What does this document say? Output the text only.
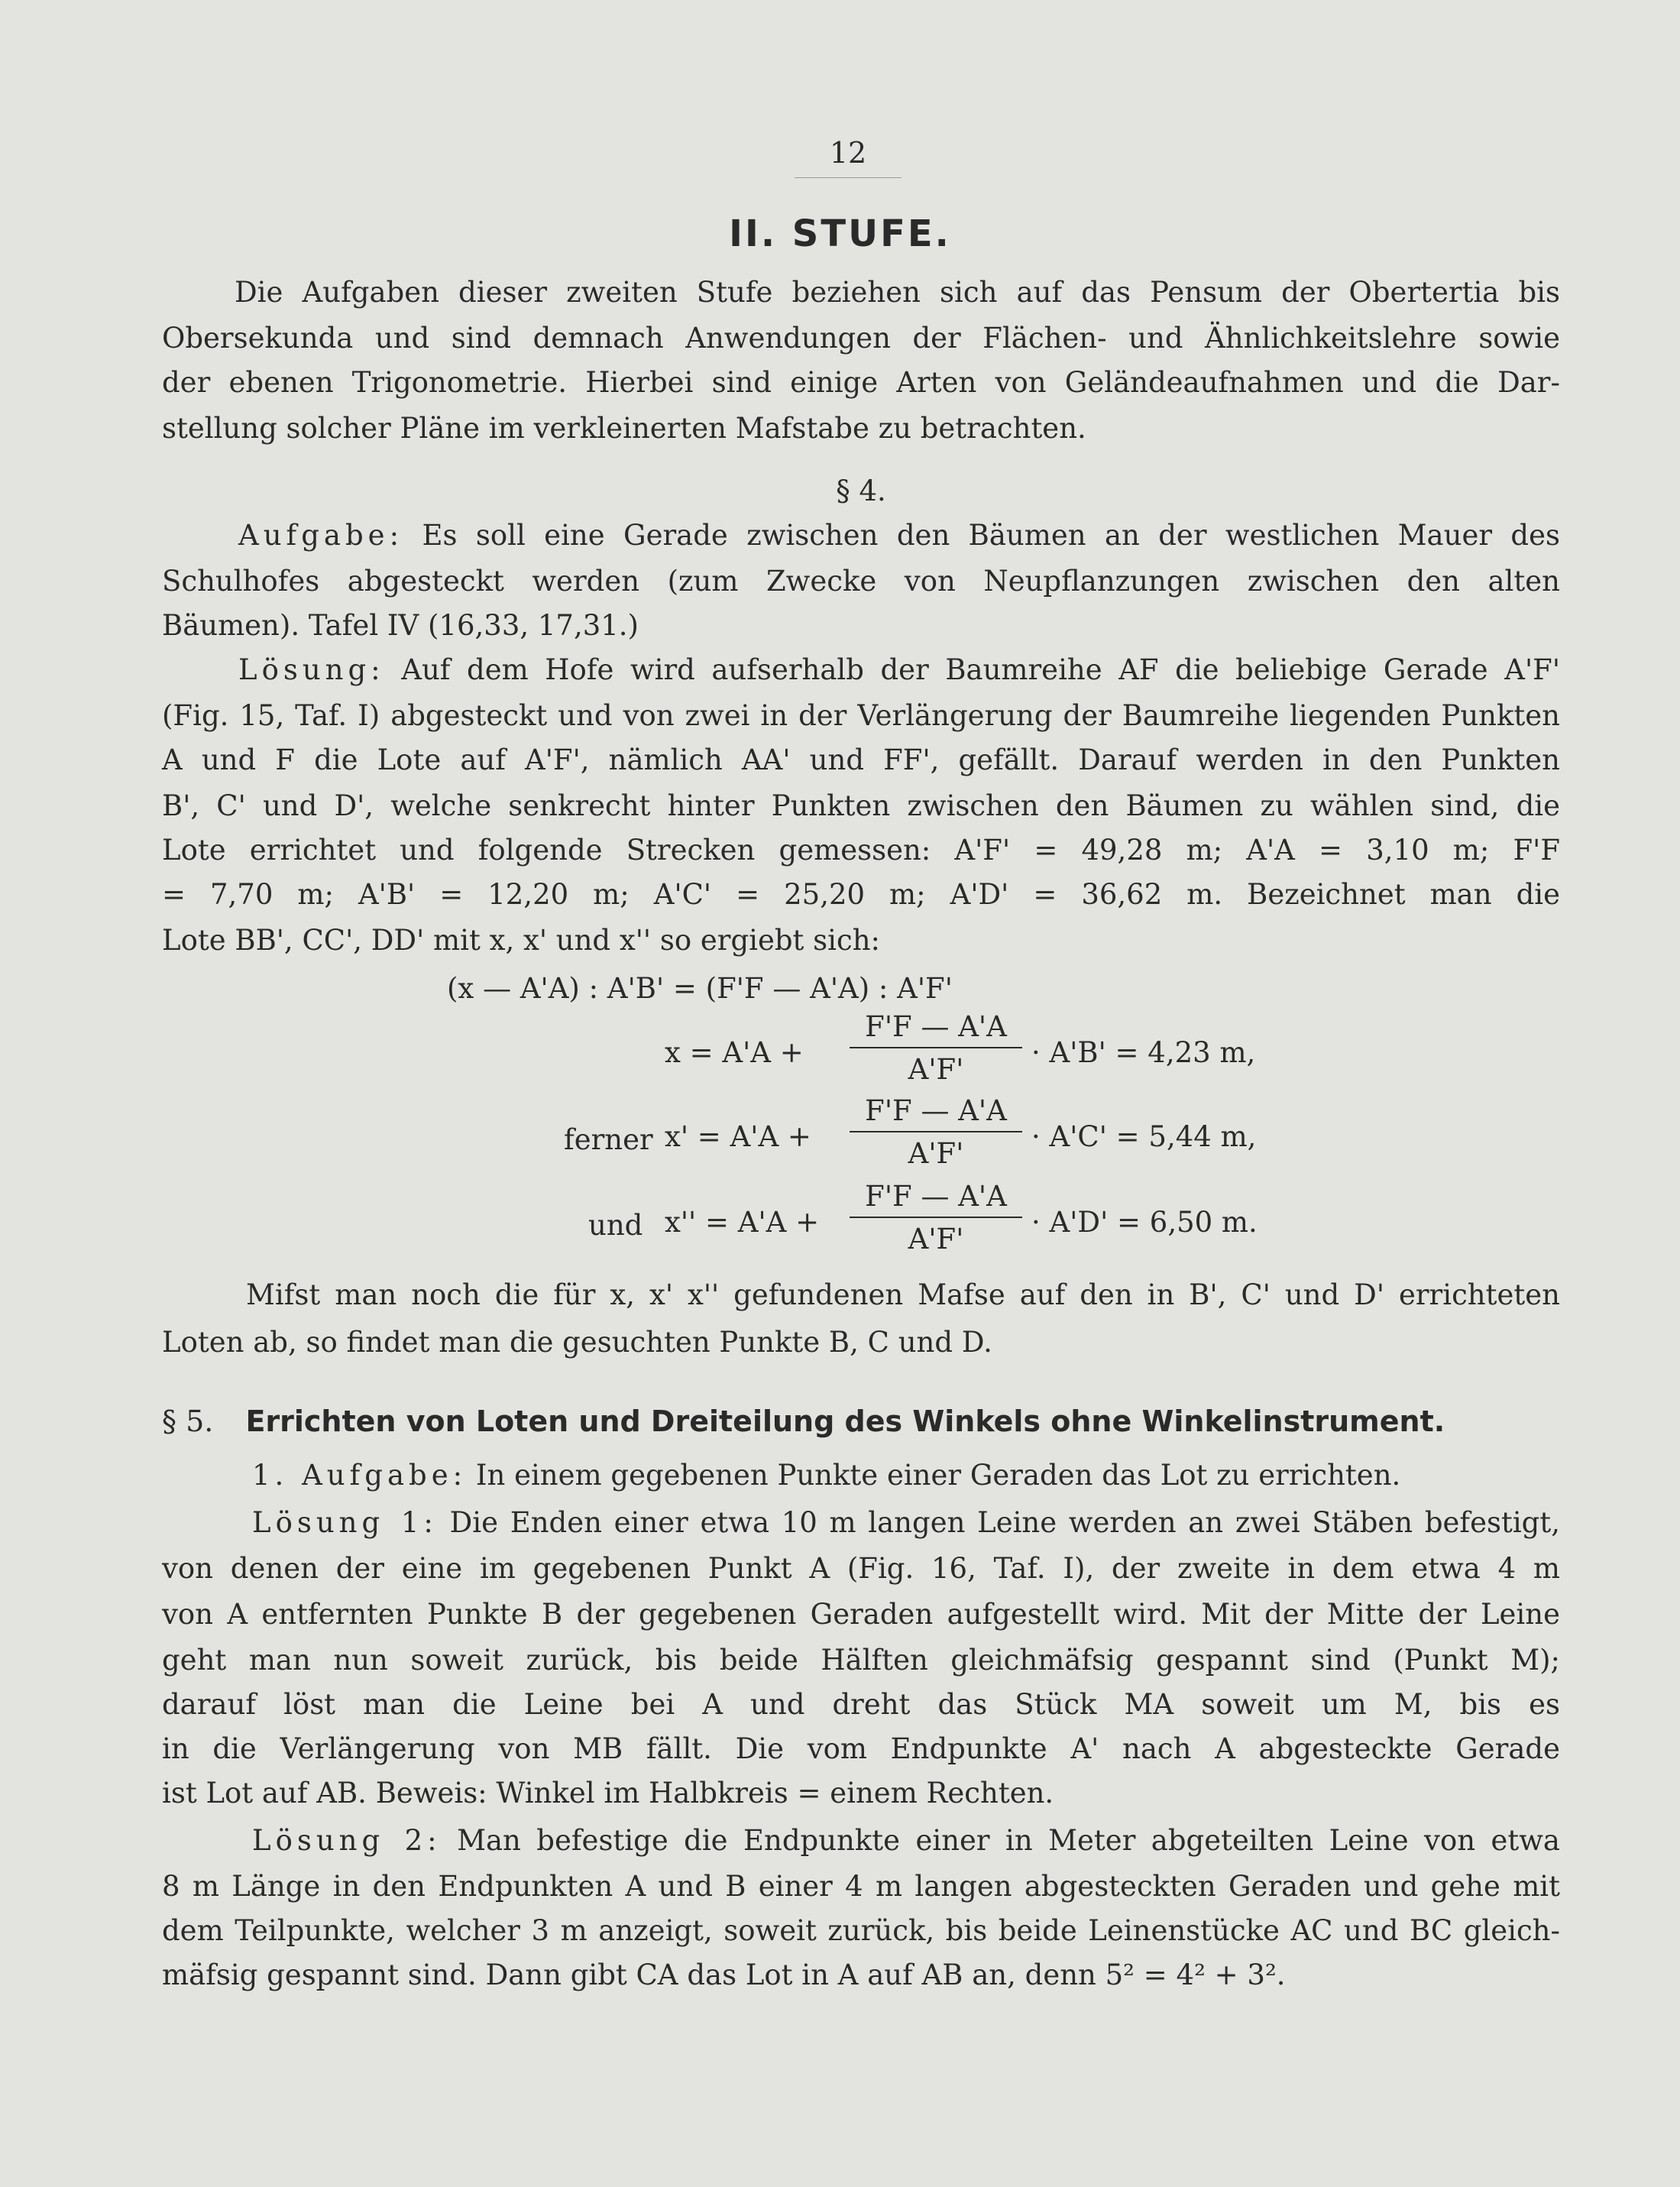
12
II. STUFE.
Die Aufgaben dieser zweiten Stufe beziehen sich auf das Pensum der Obertertia bis
Obersekunda und sind demnach Anwendungen der Flächen- und Ähnlichkeitslehre sowie
der ebenen Trigonometrie. Hierbei sind einige Arten von Geländeaufnahmen und die Dar-
stellung solcher Pläne im verkleinerten Mafstabe zu betrachten.
§ 4.
Aufgabe: Es soll eine Gerade zwischen den Bäumen an der westlichen Mauer des
Schulhofes abgesteckt werden (zum Zwecke von Neupflanzungen zwischen den alten
Bäumen). Tafel IV (16,33, 17,31.)
Lösung: Auf dem Hofe wird aufserhalb der Baumreihe AF die beliebige Gerade A'F'
(Fig. 15, Taf. I) abgesteckt und von zwei in der Verlängerung der Baumreihe liegenden Punkten
A und F die Lote auf A'F', nämlich AA' und FF', gefällt. Darauf werden in den Punkten
B', C' und D', welche senkrecht hinter Punkten zwischen den Bäumen zu wählen sind, die
Lote errichtet und folgende Strecken gemessen: A'F' = 49,28 m; A'A = 3,10 m; F'F
= 7,70 m; A'B' = 12,20 m; A'C' = 25,20 m; A'D' = 36,62 m. Bezeichnet man die
Lote BB', CC', DD' mit x, x' und x'' so ergiebt sich:
(x — A'A) : A'B' = (F'F — A'A) : A'F'
x = A'A +
F'F — A'A
A'F'
· A'B' = 4,23 m,
ferner x' = A'A +
F'F — A'A
A'F'
· A'C' = 5,44 m,
und x'' = A'A +
F'F — A'A
A'F'
· A'D' = 6,50 m.
Mifst man noch die für x, x' x'' gefundenen Mafse auf den in B', C' und D' errichteten
Loten ab, so findet man die gesuchten Punkte B, C und D.
§ 5. Errichten von Loten und Dreiteilung des Winkels ohne Winkelinstrument.
1. Aufgabe: In einem gegebenen Punkte einer Geraden das Lot zu errichten.
Lösung 1: Die Enden einer etwa 10 m langen Leine werden an zwei Stäben befestigt,
von denen der eine im gegebenen Punkt A (Fig. 16, Taf. I), der zweite in dem etwa 4 m
von A entfernten Punkte B der gegebenen Geraden aufgestellt wird. Mit der Mitte der Leine
geht man nun soweit zurück, bis beide Hälften gleichmäfsig gespannt sind (Punkt M);
darauf löst man die Leine bei A und dreht das Stück MA soweit um M, bis es
in die Verlängerung von MB fällt. Die vom Endpunkte A' nach A abgesteckte Gerade
ist Lot auf AB. Beweis: Winkel im Halbkreis = einem Rechten.
Lösung 2: Man befestige die Endpunkte einer in Meter abgeteilten Leine von etwa
8 m Länge in den Endpunkten A und B einer 4 m langen abgesteckten Geraden und gehe mit
dem Teilpunkte, welcher 3 m anzeigt, soweit zurück, bis beide Leinenstücke AC und BC gleich-
mäfsig gespannt sind. Dann gibt CA das Lot in A auf AB an, denn 5² = 4² + 3².
